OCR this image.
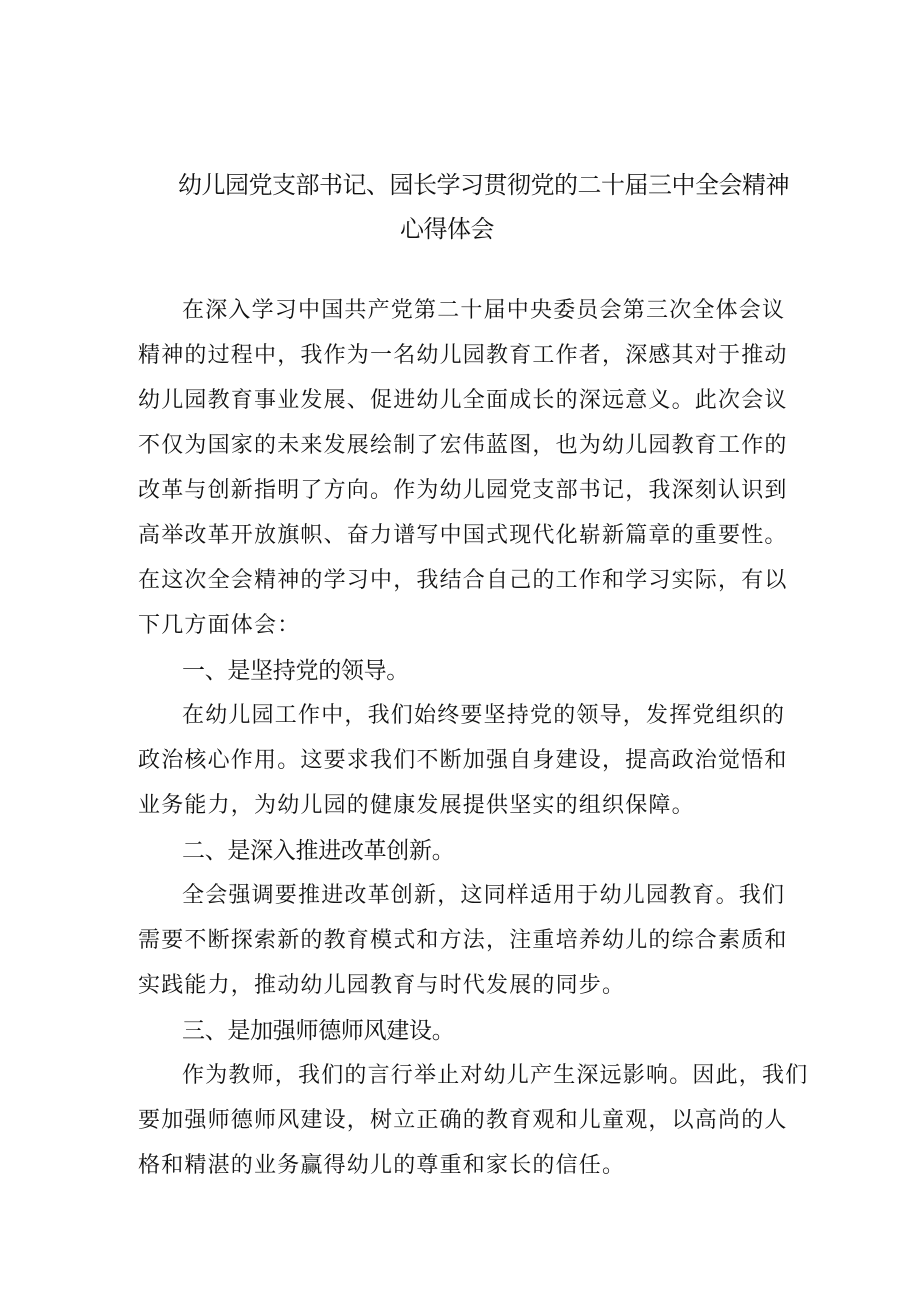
幼儿园党支部书记、园长学习贯彻党的二十届三中全会精神
心得体会
在深入学习中国共产党第二十届中央委员会第三次全体会议
精神的过程中，我作为一名幼儿园教育工作者，深感其对于推动
幼儿园教育事业发展、促进幼儿全面成长的深远意义。此次会议
不仅为国家的未来发展绘制了宏伟蓝图，也为幼儿园教育工作的
改革与创新指明了方向。作为幼儿园党支部书记，我深刻认识到
高举改革开放旗帜、奋力谱写中国式现代化崭新篇章的重要性。
在这次全会精神的学习中，我结合自己的工作和学习实际，有以
下几方面体会：
一、是坚持党的领导。
在幼儿园工作中，我们始终要坚持党的领导，发挥党组织的
政治核心作用。这要求我们不断加强自身建设，提高政治觉悟和
业务能力，为幼儿园的健康发展提供坚实的组织保障。
二、是深入推进改革创新。
全会强调要推进改革创新，这同样适用于幼儿园教育。我们
需要不断探索新的教育模式和方法，注重培养幼儿的综合素质和
实践能力，推动幼儿园教育与时代发展的同步。
三、是加强师德师风建设。
作为教师，我们的言行举止对幼儿产生深远影响。因此，我们
要加强师德师风建设，树立正确的教育观和儿童观，以高尚的人
格和精湛的业务赢得幼儿的尊重和家长的信任。
